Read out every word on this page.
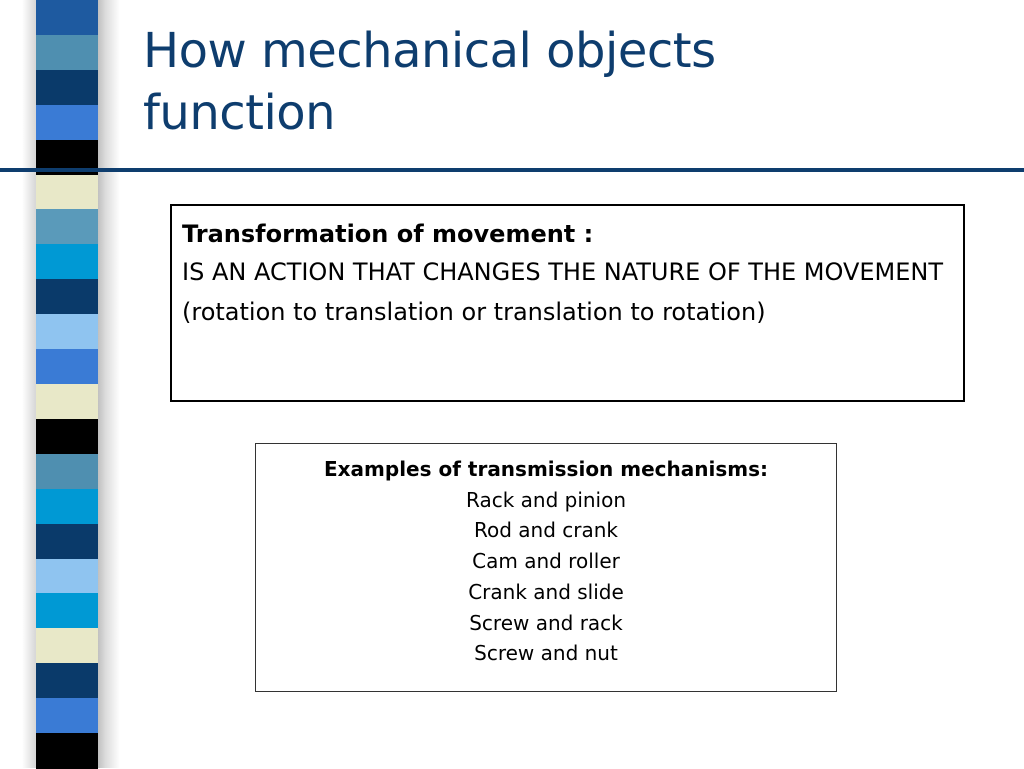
How mechanical objects
function
Transformation of movement :
IS AN ACTION THAT CHANGES THE NATURE OF THE MOVEMENT (rotation to translation or translation to rotation)
Examples of transmission mechanisms:
Rack and pinion
Rod and crank
Cam and roller
Crank and slide
Screw and rack
Screw and nut
